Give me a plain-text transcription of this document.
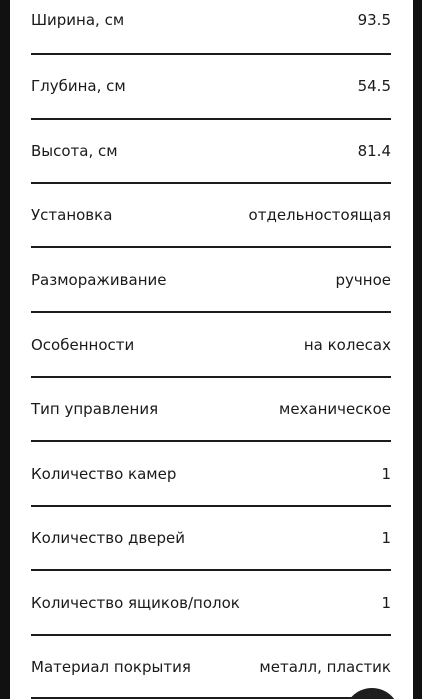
Ширина, см	93.5
Глубина, см	54.5
Высота, см	81.4
Установка	отдельностоящая
Размораживание	ручное
Особенности	на колесах
Тип управления	механическое
Количество камер	1
Количество дверей	1
Количество ящиков/полок	1
Материал покрытия	металл, пластик
